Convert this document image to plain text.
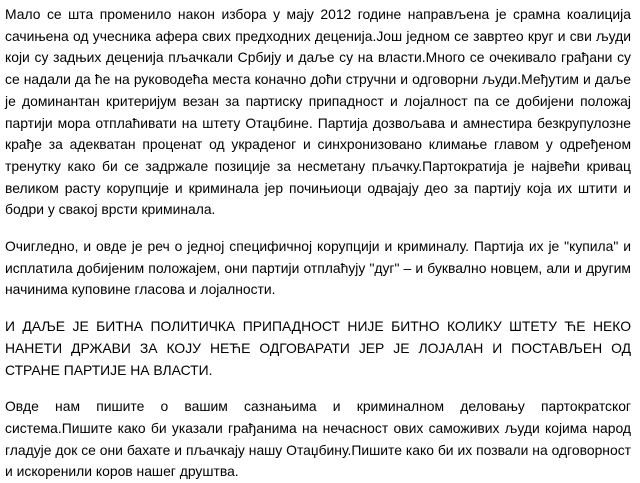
Мало се шта променило након избора у мају 2012 године направљена је срамна коалиција сачињена од учесника афера свих предходних деценија.Још једном се завртео круг и сви људи који су задњих деценија пљачкали Србију и даље су на власти.Много се очекивало грађани су се надали да ће на руководећа места коначно доћи стручни и одговорни људи.Међутим и даље је доминантан критеријум везан за партиску припадност и лојалност па се добијени положај партији мора отплаћивати на штету Отаџбине. Партија дозвољава и амнестира безкрупулозне крађе за адекватан проценат од украденог и синхронизовано климање главом у одређеном тренутку како би се задржале позиције за несметану пљачку.Партократија је највећи кривац великом расту корупције и криминала јер почињиоци одвајају део за партију која их штити и бодри у свакој врсти криминала.

Очигледно, и овде је реч о једној специфичној корупцији и криминалу. Партија их је "купила" и исплатила добијеним положајем, они партији отплаћују "дуг" – и буквално новцем, али и другим начинима куповине гласова и лојалности.

И ДАЉЕ ЈЕ БИТНА ПОЛИТИЧКА ПРИПАДНОСТ НИЈЕ БИТНО КОЛИКУ ШТЕТУ ЋЕ НЕКО НАНЕТИ ДРЖАВИ ЗА КОЈУ НЕЋЕ ОДГОВАРАТИ ЈЕР ЈЕ ЛОЈАЛАН И ПОСТАВЉЕН ОД СТРАНЕ ПАРТИЈЕ НА ВЛАСТИ.

Овде нам пишите о вашим сазнањима и криминалном деловању партократског система.Пишите како би указали грађанима на нечасност ових саможивих људи којима народ гладује док се они бахате и пљачкају нашу Отаџбину.Пишите како би их позвали на одговорност и искоренили коров нашег друштва.
